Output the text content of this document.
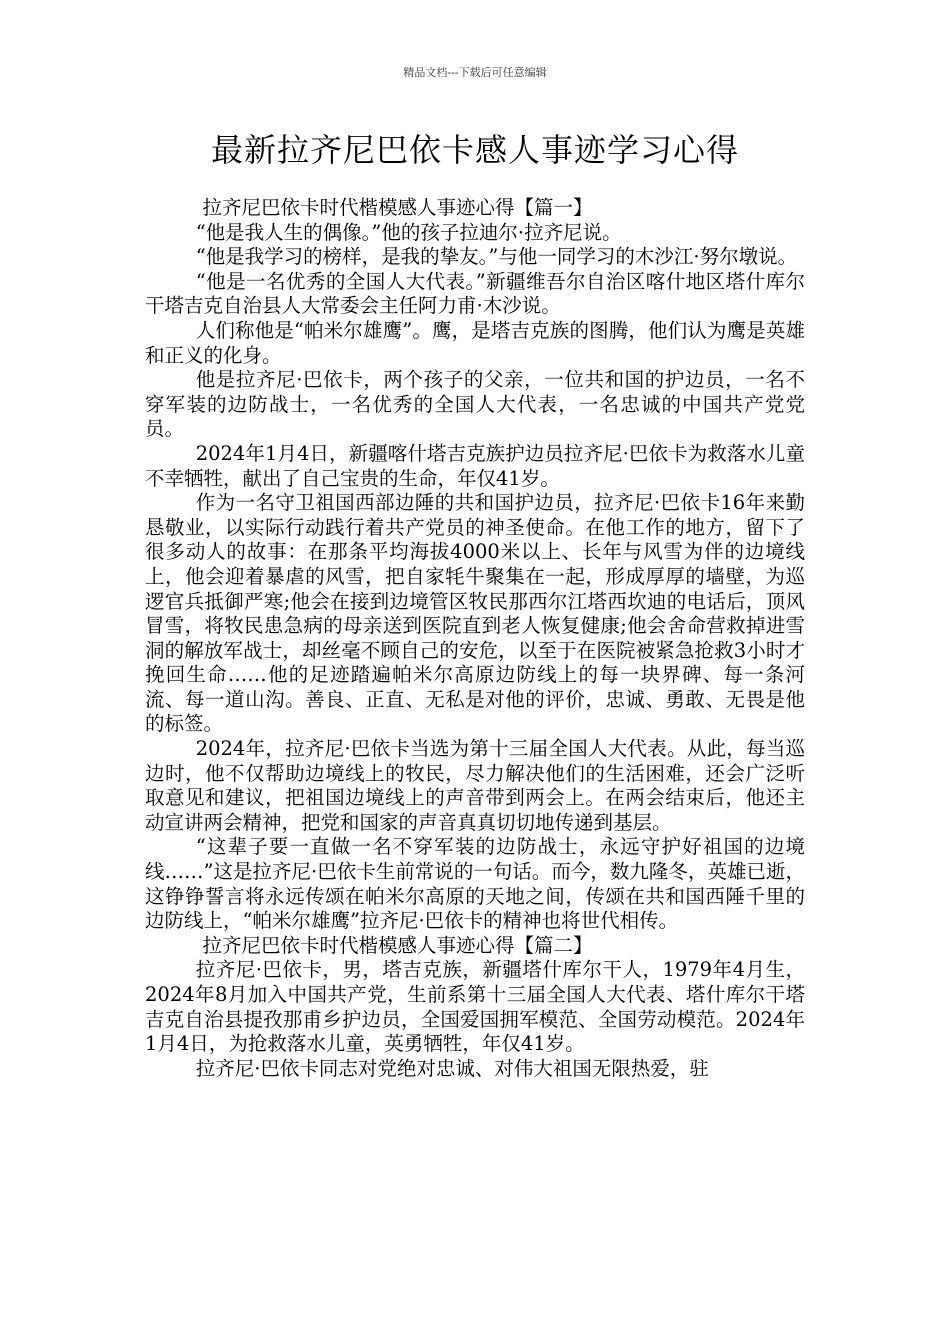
精品文档---下载后可任意编辑
最新拉齐尼巴依卡感人事迹学习心得

拉齐尼巴依卡时代楷模感人事迹心得【篇一】

“他是我人生的偶像。”他的孩子拉迪尔·拉齐尼说。

“他是我学习的榜样，是我的挚友。”与他一同学习的木沙江·努尔墩说。

“他是一名优秀的全国人大代表。”新疆维吾尔自治区喀什地区塔什库尔干塔吉克自治县人大常委会主任阿力甫·木沙说。

人们称他是“帕米尔雄鹰”。鹰，是塔吉克族的图腾，他们认为鹰是英雄和正义的化身。

他是拉齐尼·巴依卡，两个孩子的父亲，一位共和国的护边员，一名不穿军装的边防战士，一名优秀的全国人大代表，一名忠诚的中国共产党党员。

2024年1月4日，新疆喀什塔吉克族护边员拉齐尼·巴依卡为救落水儿童不幸牺牲，献出了自己宝贵的生命，年仅41岁。

作为一名守卫祖国西部边陲的共和国护边员，拉齐尼·巴依卡16年来勤恳敬业，以实际行动践行着共产党员的神圣使命。在他工作的地方，留下了很多动人的故事：在那条平均海拔4000米以上、长年与风雪为伴的边境线上，他会迎着暴虐的风雪，把自家牦牛聚集在一起，形成厚厚的墙壁，为巡逻官兵抵御严寒;他会在接到边境管区牧民那西尔江塔西坎迪的电话后，顶风冒雪，将牧民患急病的母亲送到医院直到老人恢复健康;他会舍命营救掉进雪洞的解放军战士，却丝毫不顾自己的安危，以至于在医院被紧急抢救3小时才挽回生命……他的足迹踏遍帕米尔高原边防线上的每一块界碑、每一条河流、每一道山沟。善良、正直、无私是对他的评价，忠诚、勇敢、无畏是他的标签。

2024年，拉齐尼·巴依卡当选为第十三届全国人大代表。从此，每当巡边时，他不仅帮助边境线上的牧民，尽力解决他们的生活困难，还会广泛听取意见和建议，把祖国边境线上的声音带到两会上。在两会结束后，他还主动宣讲两会精神，把党和国家的声音真真切切地传递到基层。

“这辈子要一直做一名不穿军装的边防战士，永远守护好祖国的边境线……”这是拉齐尼·巴依卡生前常说的一句话。而今，数九隆冬，英雄已逝，这铮铮誓言将永远传颂在帕米尔高原的天地之间，传颂在共和国西陲千里的边防线上，“帕米尔雄鹰”拉齐尼·巴依卡的精神也将世代相传。

拉齐尼巴依卡时代楷模感人事迹心得【篇二】

拉齐尼·巴依卡，男，塔吉克族，新疆塔什库尔干人，1979年4月生，2024年8月加入中国共产党，生前系第十三届全国人大代表、塔什库尔干塔吉克自治县提孜那甫乡护边员，全国爱国拥军模范、全国劳动模范。2024年1月4日，为抢救落水儿童，英勇牺牲，年仅41岁。

拉齐尼·巴依卡同志对党绝对忠诚、对伟大祖国无限热爱，驻
